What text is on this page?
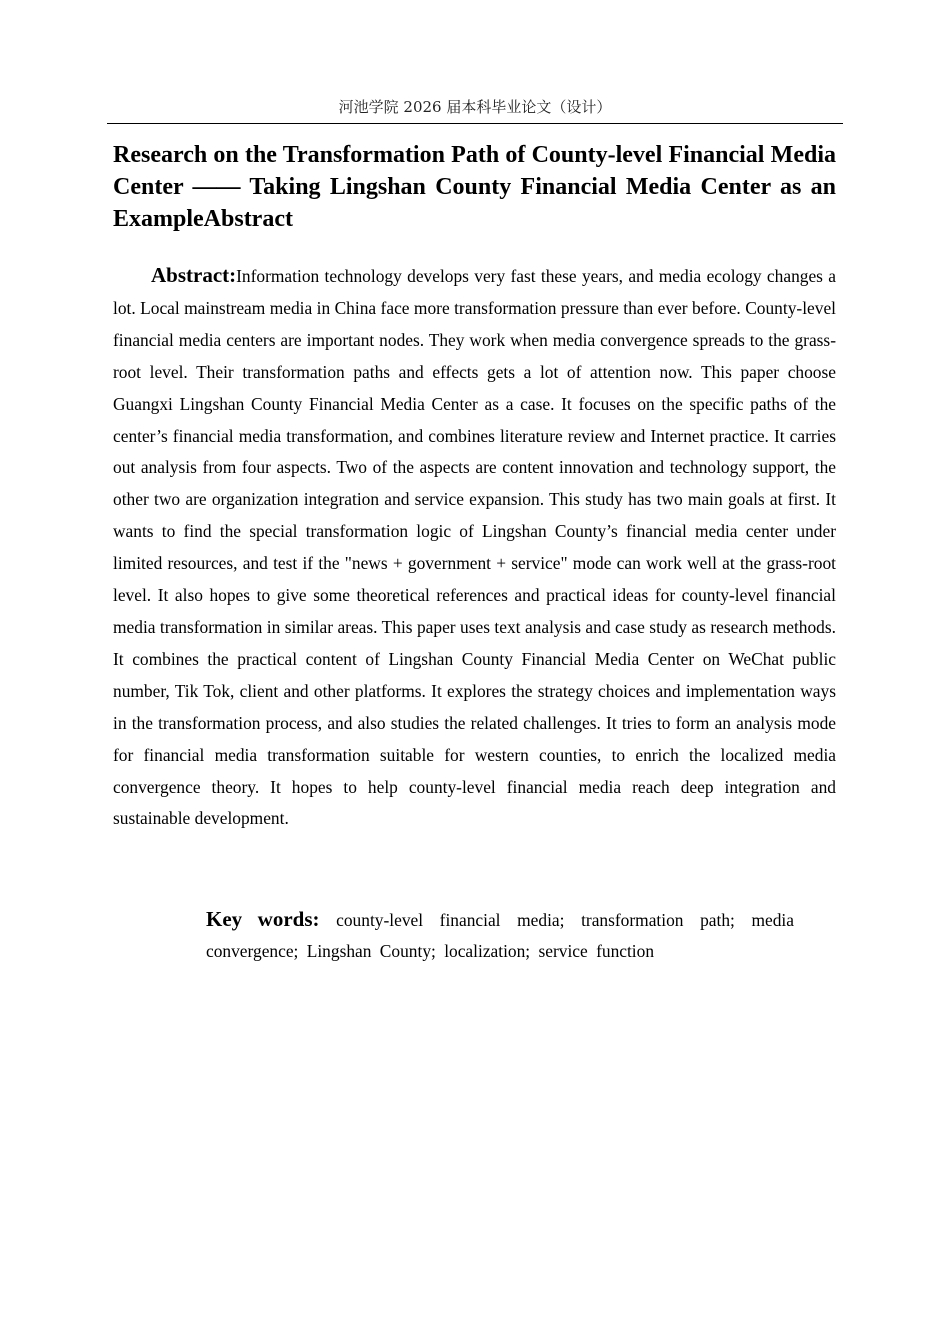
河池学院 2026 届本科毕业论文（设计）
Research on the Transformation Path of County-level Financial Media Center —— Taking Lingshan County Financial Media Center as an ExampleAbstract

Abstract:Information technology develops very fast these years, and media ecology changes a lot. Local mainstream media in China face more transformation pressure than ever before. County-level financial media centers are important nodes. They work when media convergence spreads to the grass-root level. Their transformation paths and effects gets a lot of attention now. This paper choose Guangxi Lingshan County Financial Media Center as a case. It focuses on the specific paths of the center’s financial media transformation, and combines literature review and Internet practice. It carries out analysis from four aspects. Two of the aspects are content innovation and technology support, the other two are organization integration and service expansion. This study has two main goals at first. It wants to find the special transformation logic of Lingshan County’s financial media center under limited resources, and test if the "news + government + service" mode can work well at the grass-root level. It also hopes to give some theoretical references and practical ideas for county-level financial media transformation in similar areas. This paper uses text analysis and case study as research methods. It combines the practical content of Lingshan County Financial Media Center on WeChat public number, Tik Tok, client and other platforms. It explores the strategy choices and implementation ways in the transformation process, and also studies the related challenges. It tries to form an analysis mode for financial media transformation suitable for western counties, to enrich the localized media convergence theory. It hopes to help county-level financial media reach deep integration and sustainable development.

Key words: county-level financial media; transformation path; media convergence; Lingshan County; localization; service function
